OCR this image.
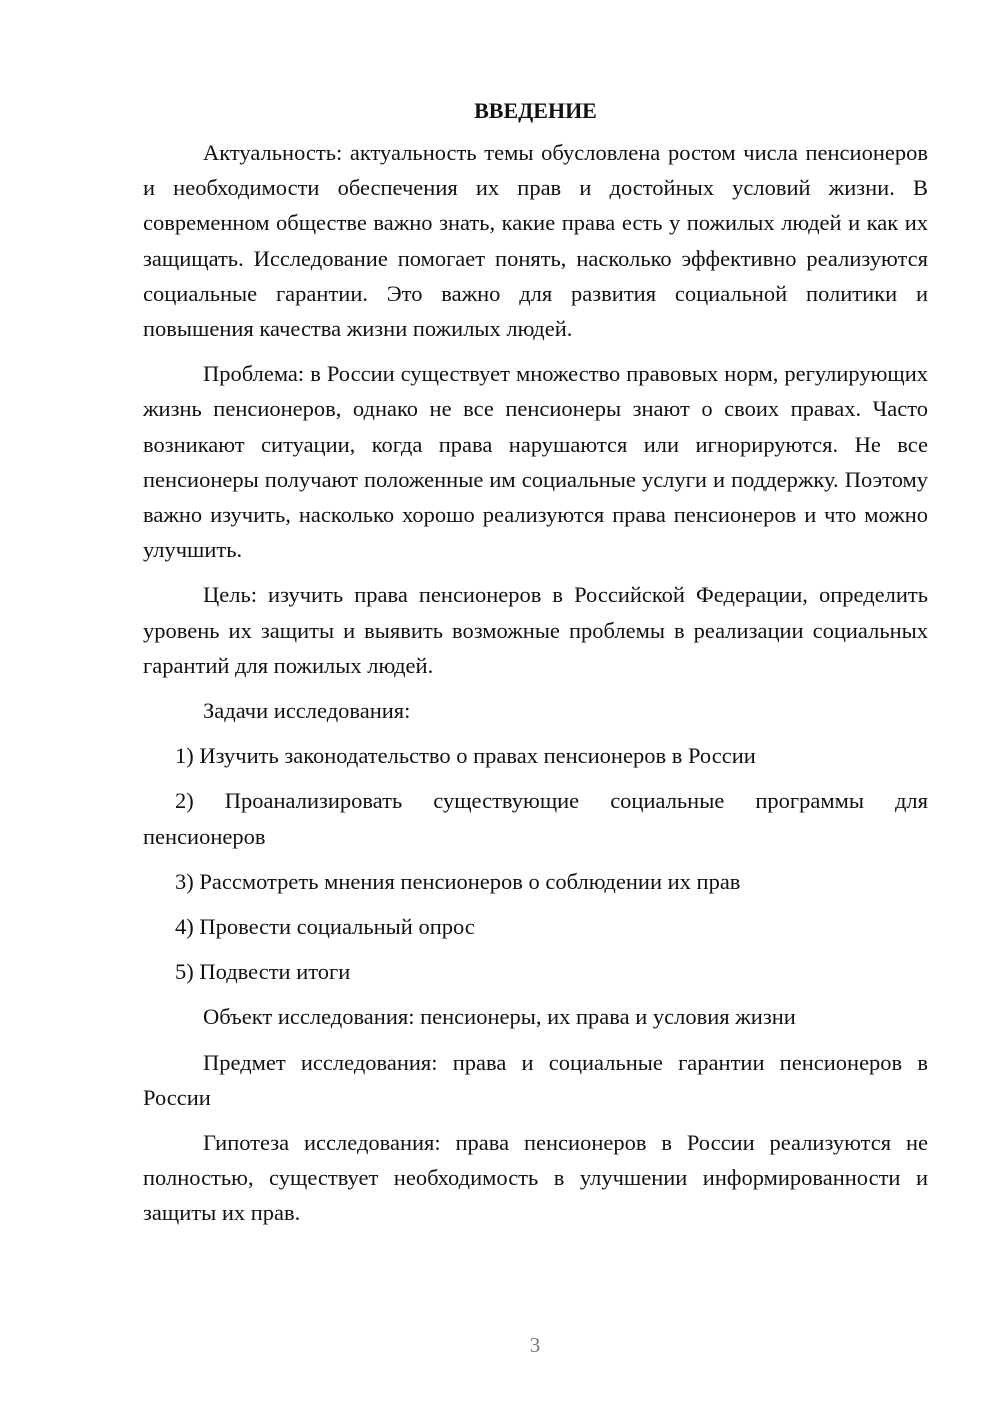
ВВЕДЕНИЕ

Актуальность: актуальность темы обусловлена ростом числа пенсионеров и необходимости обеспечения их прав и достойных условий жизни. В современном обществе важно знать, какие права есть у пожилых людей и как их защищать. Исследование помогает понять, насколько эффективно реализуются социальные гарантии. Это важно для развития социальной политики и повышения качества жизни пожилых людей.

Проблема: в России существует множество правовых норм, регулирующих жизнь пенсионеров, однако не все пенсионеры знают о своих правах. Часто возникают ситуации, когда права нарушаются или игнорируются. Не все пенсионеры получают положенные им социальные услуги и поддержку. Поэтому важно изучить, насколько хорошо реализуются права пенсионеров и что можно улучшить.

Цель: изучить права пенсионеров в Российской Федерации, определить уровень их защиты и выявить возможные проблемы в реализации социальных гарантий для пожилых людей.

Задачи исследования:

1) Изучить законодательство о правах пенсионеров в России

2) Проанализировать существующие социальные программы для пенсионеров

3) Рассмотреть мнения пенсионеров о соблюдении их прав

4) Провести социальный опрос

5) Подвести итоги

Объект исследования: пенсионеры, их права и условия жизни

Предмет исследования: права и социальные гарантии пенсионеров в России

Гипотеза исследования: права пенсионеров в России реализуются не полностью, существует необходимость в улучшении информированности и защиты их прав.

3
